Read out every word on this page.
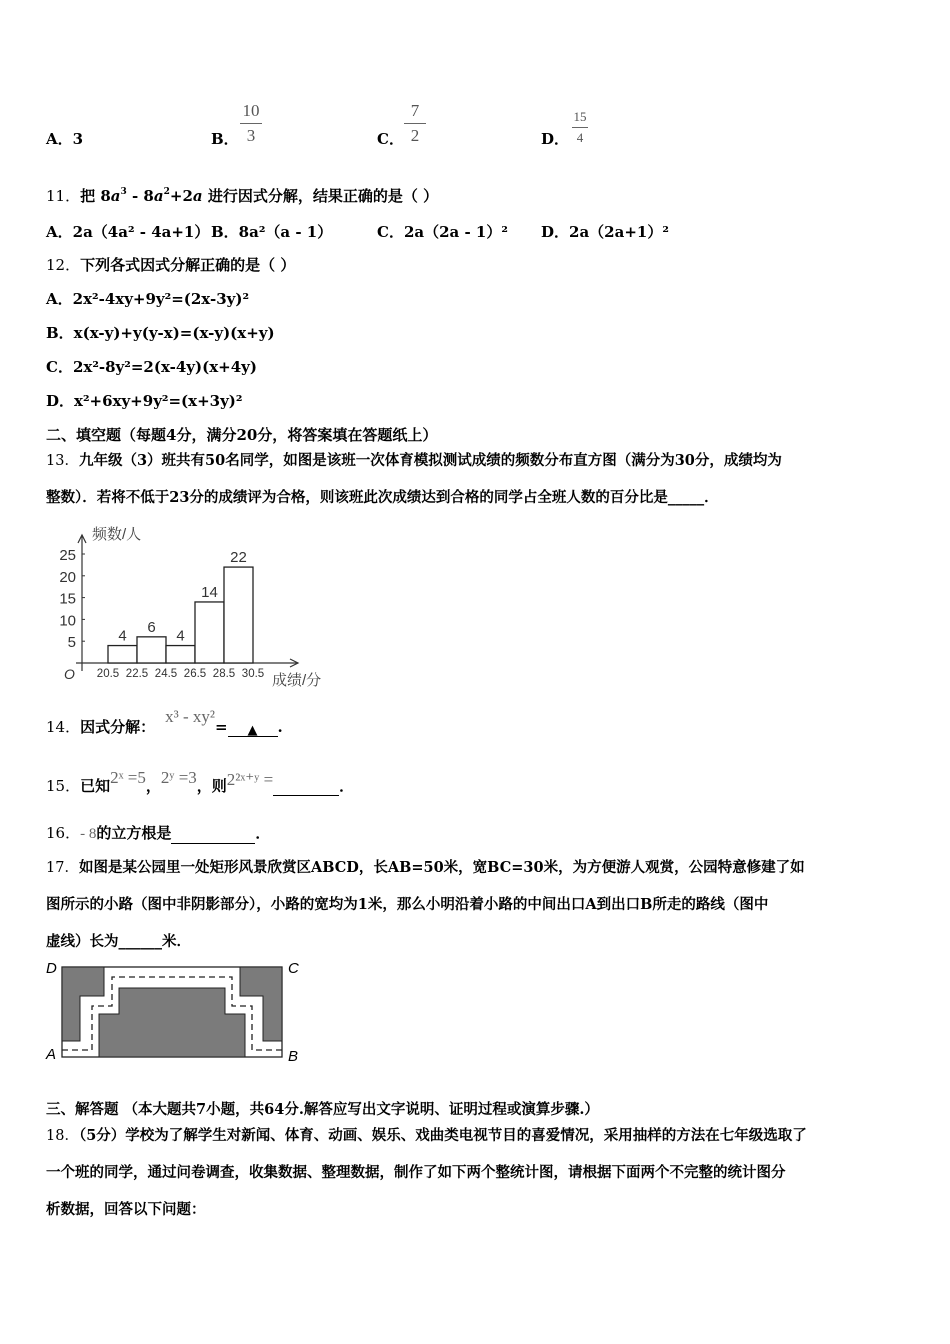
A．3	B．
10
3	C．
7
2	D．
15
4
11．把 $8a^3 - 8a^2+2a$ 进行因式分解，结果正确的是（ ）
A．2a（4a² - 4a+1） B．8a²（a - 1）	C．2a（2a - 1）² D．2a（2a+1）²
12．下列各式因式分解正确的是（ ）
A．2x²-4xy+9y²=(2x-3y)²
B．x(x-y)+y(y-x)=(x-y)(x+y)
C．2x²-8y²=2(x-4y)(x+4y)
D．x²+6xy+9y²=(x+3y)²
二、填空题（每题4分，满分20分，将答案填在答题纸上）
13．九年级（3）班共有50名同学，如图是该班一次体育模拟测试成绩的频数分布直方图（满分为30分，成绩均为
整数）．若将不低于23分的成绩评为合格，则该班此次成绩达到合格的同学占全班人数的百分比是_____．
O
频数/人
成绩/分
5
10
15
20
25
20.5 22.5 24.5 26.5 28.5 30.5
4
6
4
14
22
14．因式分解：x³ - xy²= ▲ .
15．已知2ˣ =5，2ʸ =3，则2²ˣ⁺ʸ =	．
16．- 8的立方根是	．
17．如图是某公园里一处矩形风景欣赏区ABCD，长AB=50米，宽BC=30米，为方便游人观赏，公园特意修建了如
图所示的小路（图中非阴影部分），小路的宽均为1米，那么小明沿着小路的中间出口A到出口B所走的路线（图中
虚线）长为______米．
D	C
A	B
三、解答题 （本大题共7小题，共64分.解答应写出文字说明、证明过程或演算步骤.）
18．（5分）学校为了解学生对新闻、体育、动画、娱乐、戏曲类电视节目的喜爱情况，采用抽样的方法在七年级选取了
一个班的同学，通过问卷调查，收集数据、整理数据，制作了如下两个整统计图，请根据下面两个不完整的统计图分
析数据，回答以下问题：
